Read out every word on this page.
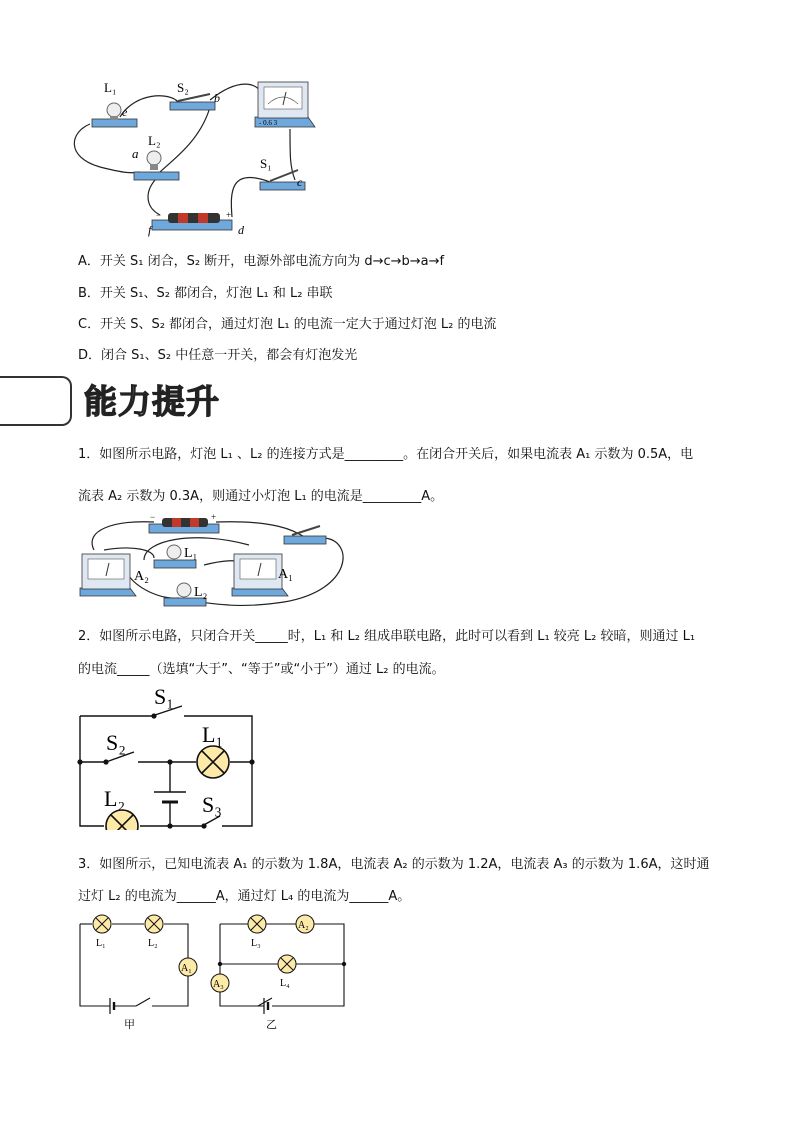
L₁
e
S₂
b
- 0.6 3
L₂
a
S₁
c
−	+
f	d
A．开关 S₁ 闭合，S₂ 断开，电源外部电流方向为 d→c→b→a→f
B．开关 S₁、S₂ 都闭合，灯泡 L₁ 和 L₂ 串联
C．开关 S、S₂ 都闭合，通过灯泡 L₁ 的电流一定大于通过灯泡 L₂ 的电流
D．闭合 S₁、S₂ 中任意一开关，都会有灯泡发光
能力提升
1．如图所示电路，灯泡 L₁ 、L₂ 的连接方式是_________。在闭合开关后，如果电流表 A₁ 示数为 0.5A，电
流表 A₂ 示数为 0.3A，则通过小灯泡 L₁ 的电流是_________A。
−	+
A₂
L₁
L₂
A₁
2．如图所示电路，只闭合开关_____时，L₁ 和 L₂ 组成串联电路，此时可以看到 L₁ 较亮 L₂ 较暗，则通过 L₁
的电流_____（选填“大于”、“等于”或“小于”）通过 L₂ 的电流。
S₁
S₂	L₁
L₂	S₃
3．如图所示，已知电流表 A₁ 的示数为 1.8A，电流表 A₂ 的示数为 1.2A，电流表 A₃ 的示数为 1.6A，这时通
过灯 L₂ 的电流为______A，通过灯 L₄ 的电流为______A。
A₁
L₁	L₂
甲
A₂
A₃
L₃
L₄
乙
